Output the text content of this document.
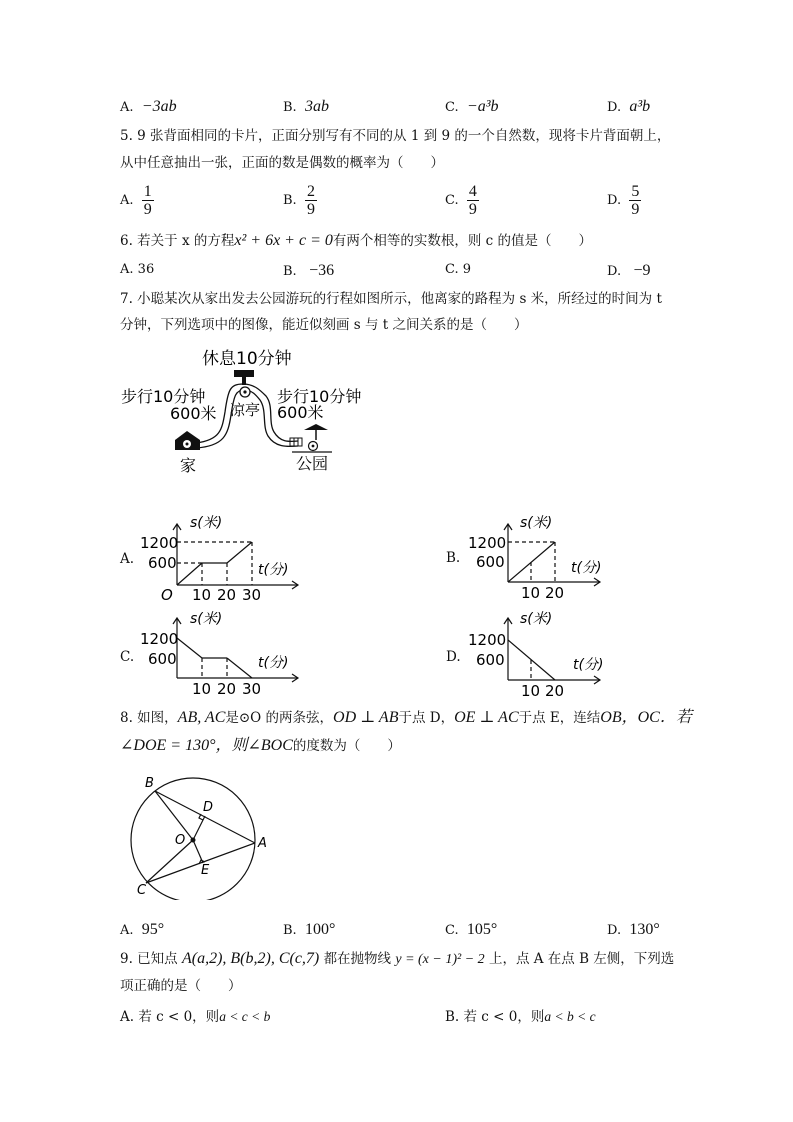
A. −3ab	B. 3ab	C. −a³b	D. a³b
5. 9 张背面相同的卡片，正面分别写有不同的从 1 到 9 的一个自然数，现将卡片背面朝上，
从中任意抽出一张，正面的数是偶数的概率为（　　）
A. $\frac{1}{9}$	B. $\frac{2}{9}$	C. $\frac{4}{9}$	D. $\frac{5}{9}$
6. 若关于 x 的方程x² + 6x + c = 0有两个相等的实数根，则 c 的值是（　　）
A. 36	B. −36	C. 9	D. −9
7. 小聪某次从家出发去公园游玩的行程如图所示，他离家的路程为 s 米，所经过的时间为 t
分钟，下列选项中的图像，能近似刻画 s 与 t 之间关系的是（　　）
休息10分钟
步行10分钟
600米 凉亭
步行10分钟
600米
家	公园
A.
s(米)
t(分)
1200
600
O 10 20 30
B.
s(米)
t(分)
1200
600
10 20
C.
s(米)
t(分)
1200
600
10 20 30
D.
s(米)
t(分)
1200
600
10 20
8. 如图，AB, AC是⊙O 的两条弦，OD ⊥ AB于点 D，OE ⊥ AC于点 E，连结OB，OC．若
∠DOE = 130°，则∠BOC的度数为（　　）
B
D
O	A
E
C
A. 95°	B. 100°	C. 105°	D. 130°
9. 已知点 A(a,2), B(b,2), C(c,7) 都在抛物线 y = (x − 1)² − 2 上，点 A 在点 B 左侧，下列选
项正确的是（　　）
A. 若 c < 0，则a < c < b	B. 若 c < 0，则a < b < c
